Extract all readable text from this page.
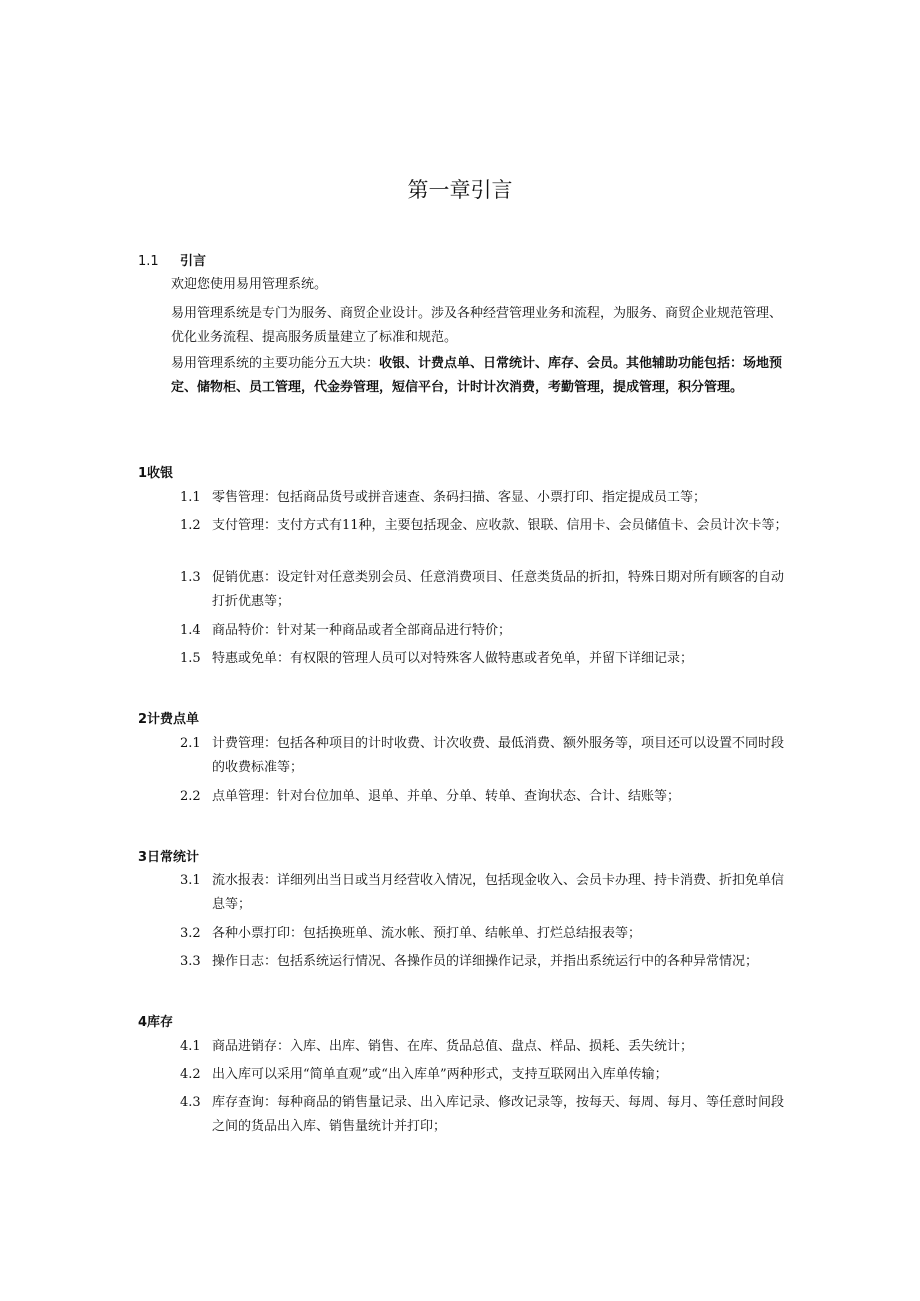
第一章引言
1.1 引言
欢迎您使用易用管理系统。
易用管理系统是专门为服务、商贸企业设计。涉及各种经营管理业务和流程，为服务、商贸企业规范管理、优化业务流程、提高服务质量建立了标准和规范。
易用管理系统的主要功能分五大块：收银、计费点单、日常统计、库存、会员。其他辅助功能包括：场地预定、储物柜、员工管理，代金券管理，短信平台，计时计次消费，考勤管理，提成管理，积分管理。
1收银
1.1 零售管理：包括商品货号或拼音速查、条码扫描、客显、小票打印、指定提成员工等；
1.2 支付管理：支付方式有11种，主要包括现金、应收款、银联、信用卡、会员储值卡、会员计次卡等；
1.3 促销优惠：设定针对任意类别会员、任意消费项目、任意类货品的折扣，特殊日期对所有顾客的自动打折优惠等；
1.4 商品特价：针对某一种商品或者全部商品进行特价；
1.5 特惠或免单：有权限的管理人员可以对特殊客人做特惠或者免单，并留下详细记录；
2计费点单
2.1 计费管理：包括各种项目的计时收费、计次收费、最低消费、额外服务等，项目还可以设置不同时段的收费标准等；
2.2 点单管理：针对台位加单、退单、并单、分单、转单、查询状态、合计、结账等；
3日常统计
3.1 流水报表：详细列出当日或当月经营收入情况，包括现金收入、会员卡办理、持卡消费、折扣免单信息等；
3.2 各种小票打印：包括换班单、流水帐、预打单、结帐单、打烂总结报表等；
3.3 操作日志：包括系统运行情况、各操作员的详细操作记录，并指出系统运行中的各种异常情况；
4库存
4.1 商品进销存：入库、出库、销售、在库、货品总值、盘点、样品、损耗、丢失统计；
4.2 出入库可以采用“简单直观”或“出入库单”两种形式，支持互联网出入库单传输；
4.3 库存查询：每种商品的销售量记录、出入库记录、修改记录等，按每天、每周、每月、等任意时间段之间的货品出入库、销售量统计并打印；
